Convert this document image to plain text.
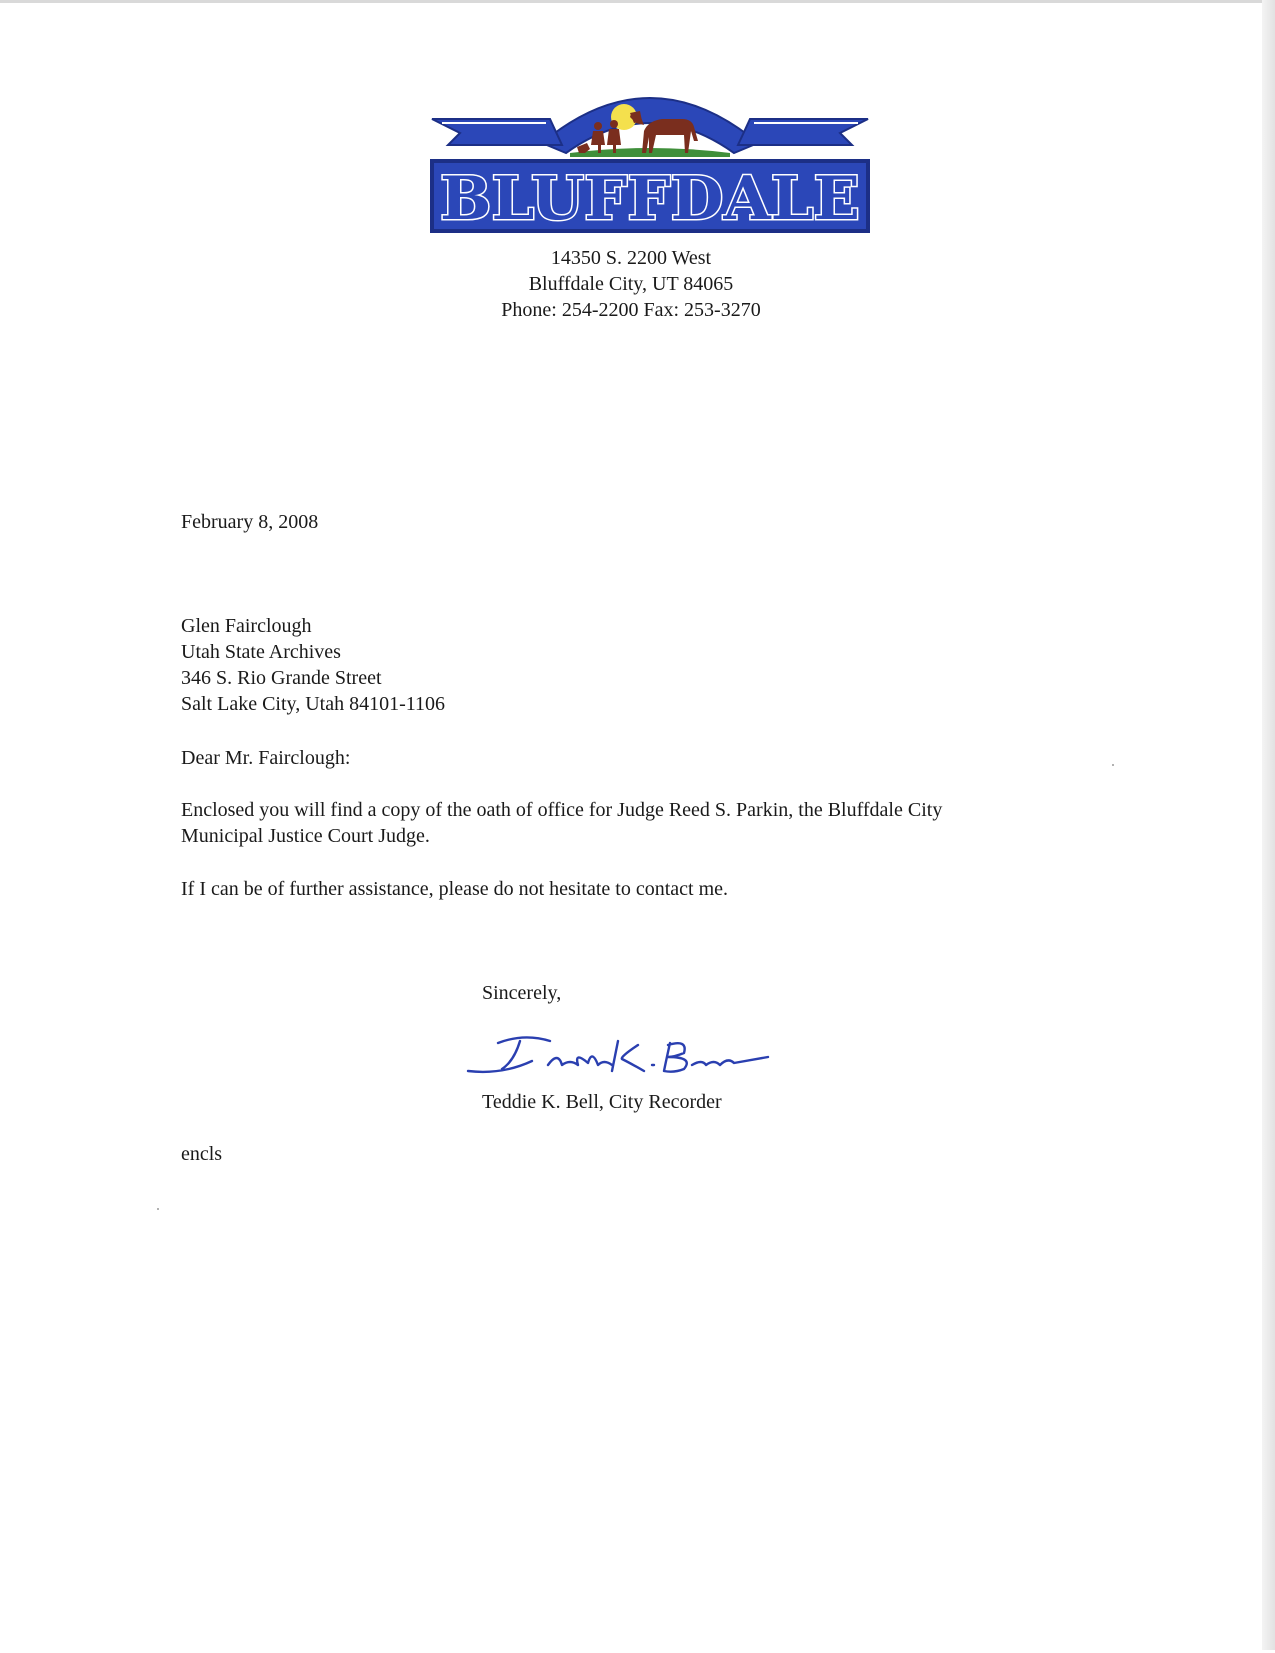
BLUFFDALE
14350 S. 2200 West
Bluffdale City, UT 84065
Phone: 254-2200 Fax: 253-3270
February 8, 2008
Glen Fairclough
Utah State Archives
346 S. Rio Grande Street
Salt Lake City, Utah 84101-1106
Dear Mr. Fairclough:
Enclosed you will find a copy of the oath of office for Judge Reed S. Parkin, the Bluffdale City
Municipal Justice Court Judge.
If I can be of further assistance, please do not hesitate to contact me.
Sincerely,
Teddie K. Bell, City Recorder
encls
